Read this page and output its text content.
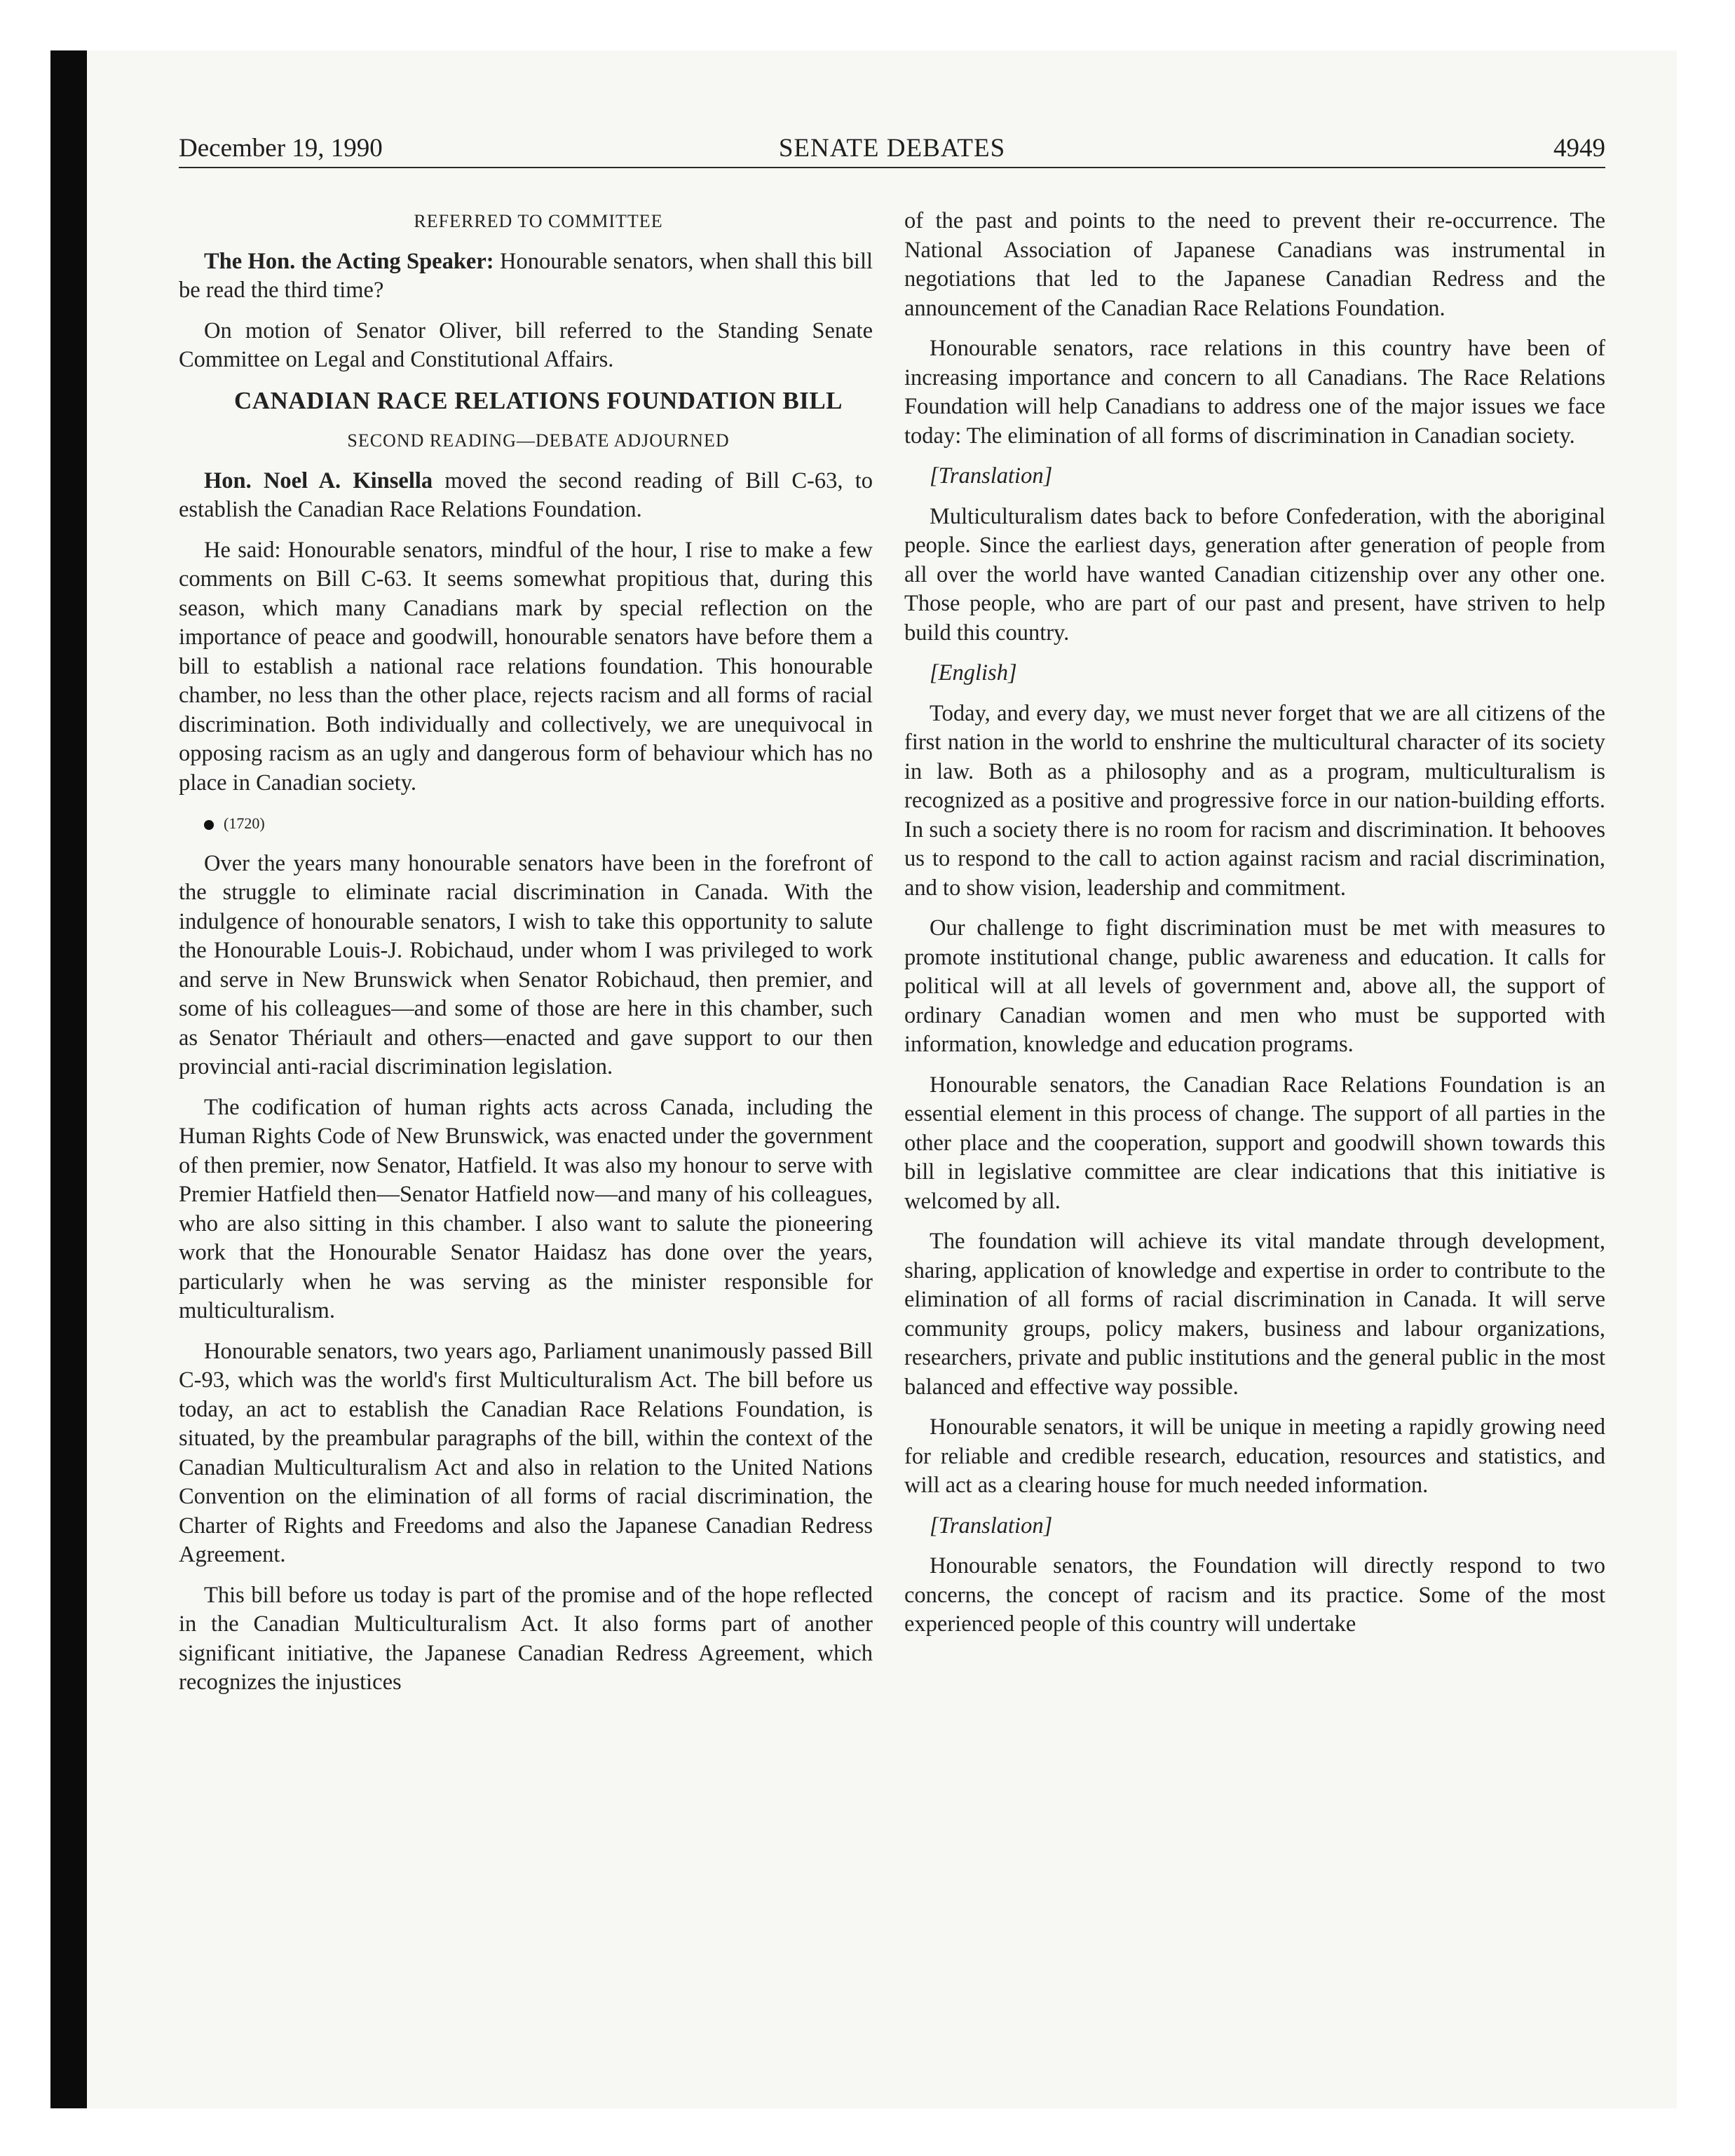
December 19, 1990	SENATE DEBATES	4949

REFERRED TO COMMITTEE

The Hon. the Acting Speaker: Honourable senators, when shall this bill be read the third time?

On motion of Senator Oliver, bill referred to the Standing Senate Committee on Legal and Constitutional Affairs.

CANADIAN RACE RELATIONS FOUNDATION BILL

SECOND READING—DEBATE ADJOURNED

Hon. Noel A. Kinsella moved the second reading of Bill C-63, to establish the Canadian Race Relations Foundation.

He said: Honourable senators, mindful of the hour, I rise to make a few comments on Bill C-63. It seems somewhat propitious that, during this season, which many Canadians mark by special reflection on the importance of peace and goodwill, honourable senators have before them a bill to establish a national race relations foundation. This honourable chamber, no less than the other place, rejects racism and all forms of racial discrimination. Both individually and collectively, we are unequivocal in opposing racism as an ugly and dangerous form of behaviour which has no place in Canadian society.

(1720)

Over the years many honourable senators have been in the forefront of the struggle to eliminate racial discrimination in Canada. With the indulgence of honourable senators, I wish to take this opportunity to salute the Honourable Louis-J. Robichaud, under whom I was privileged to work and serve in New Brunswick when Senator Robichaud, then premier, and some of his colleagues—and some of those are here in this chamber, such as Senator Thériault and others—enacted and gave support to our then provincial anti-racial discrimination legislation.

The codification of human rights acts across Canada, including the Human Rights Code of New Brunswick, was enacted under the government of then premier, now Senator, Hatfield. It was also my honour to serve with Premier Hatfield then—Senator Hatfield now—and many of his colleagues, who are also sitting in this chamber. I also want to salute the pioneering work that the Honourable Senator Haidasz has done over the years, particularly when he was serving as the minister responsible for multiculturalism.

Honourable senators, two years ago, Parliament unanimously passed Bill C-93, which was the world's first Multiculturalism Act. The bill before us today, an act to establish the Canadian Race Relations Foundation, is situated, by the preambular paragraphs of the bill, within the context of the Canadian Multiculturalism Act and also in relation to the United Nations Convention on the elimination of all forms of racial discrimination, the Charter of Rights and Freedoms and also the Japanese Canadian Redress Agreement.

This bill before us today is part of the promise and of the hope reflected in the Canadian Multiculturalism Act. It also forms part of another significant initiative, the Japanese Canadian Redress Agreement, which recognizes the injustices

of the past and points to the need to prevent their re-occurrence. The National Association of Japanese Canadians was instrumental in negotiations that led to the Japanese Canadian Redress and the announcement of the Canadian Race Relations Foundation.

Honourable senators, race relations in this country have been of increasing importance and concern to all Canadians. The Race Relations Foundation will help Canadians to address one of the major issues we face today: The elimination of all forms of discrimination in Canadian society.

[Translation]

Multiculturalism dates back to before Confederation, with the aboriginal people. Since the earliest days, generation after generation of people from all over the world have wanted Canadian citizenship over any other one. Those people, who are part of our past and present, have striven to help build this country.

[English]

Today, and every day, we must never forget that we are all citizens of the first nation in the world to enshrine the multicultural character of its society in law. Both as a philosophy and as a program, multiculturalism is recognized as a positive and progressive force in our nation-building efforts. In such a society there is no room for racism and discrimination. It behooves us to respond to the call to action against racism and racial discrimination, and to show vision, leadership and commitment.

Our challenge to fight discrimination must be met with measures to promote institutional change, public awareness and education. It calls for political will at all levels of government and, above all, the support of ordinary Canadian women and men who must be supported with information, knowledge and education programs.

Honourable senators, the Canadian Race Relations Foundation is an essential element in this process of change. The support of all parties in the other place and the cooperation, support and goodwill shown towards this bill in legislative committee are clear indications that this initiative is welcomed by all.

The foundation will achieve its vital mandate through development, sharing, application of knowledge and expertise in order to contribute to the elimination of all forms of racial discrimination in Canada. It will serve community groups, policy makers, business and labour organizations, researchers, private and public institutions and the general public in the most balanced and effective way possible.

Honourable senators, it will be unique in meeting a rapidly growing need for reliable and credible research, education, resources and statistics, and will act as a clearing house for much needed information.

[Translation]

Honourable senators, the Foundation will directly respond to two concerns, the concept of racism and its practice. Some of the most experienced people of this country will undertake
